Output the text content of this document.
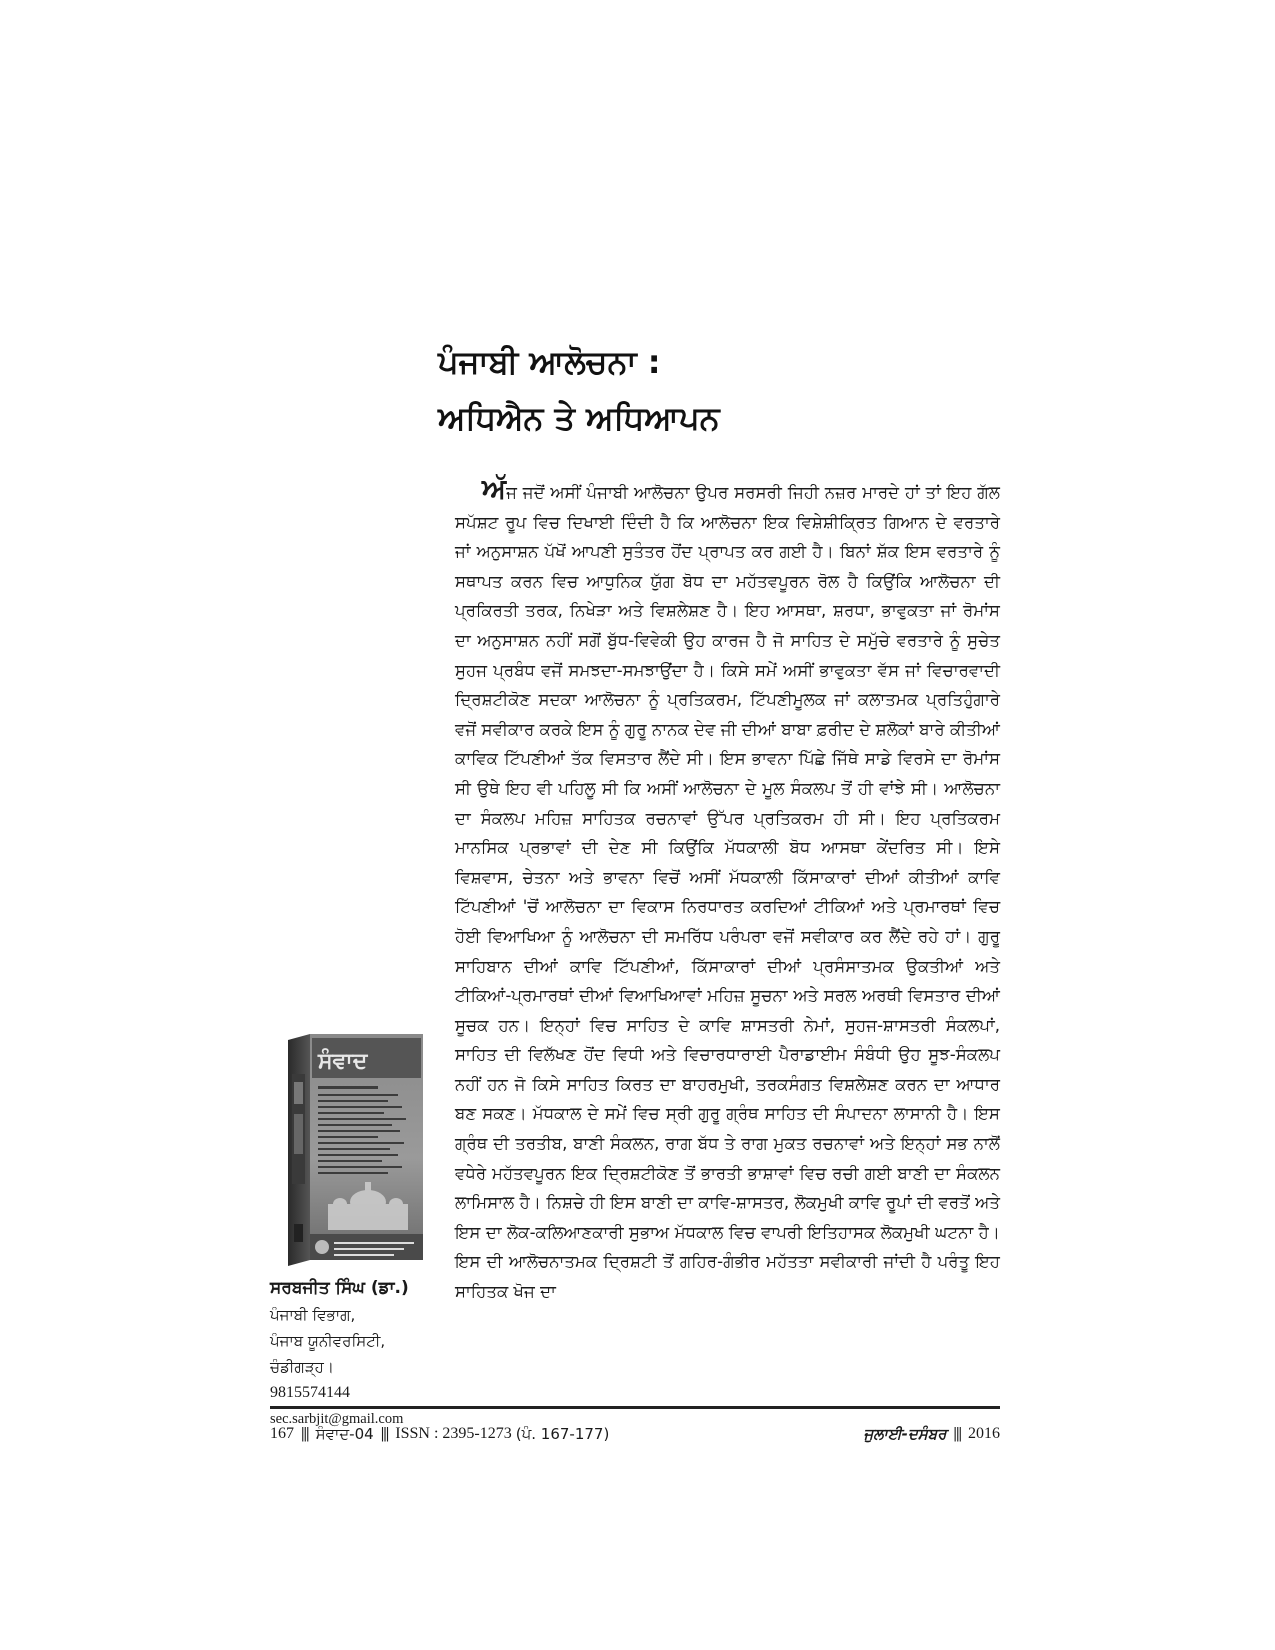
ਪੰਜਾਬੀ ਆਲੋਚਨਾ :
ਅਧਿਐਨ ਤੇ ਅਧਿਆਪਨ

ਅੱਜ ਜਦੋਂ ਅਸੀਂ ਪੰਜਾਬੀ ਆਲੋਚਨਾ ਉਪਰ ਸਰਸਰੀ ਜਿਹੀ ਨਜ਼ਰ ਮਾਰਦੇ ਹਾਂ ਤਾਂ ਇਹ ਗੱਲ ਸਪੱਸ਼ਟ ਰੂਪ ਵਿਚ ਦਿਖਾਈ ਦਿੰਦੀ ਹੈ ਕਿ ਆਲੋਚਨਾ ਇਕ ਵਿਸ਼ੇਸ਼ੀਕ੍ਰਿਤ ਗਿਆਨ ਦੇ ਵਰਤਾਰੇ ਜਾਂ ਅਨੁਸਾਸ਼ਨ ਪੱਖੋਂ ਆਪਣੀ ਸੁਤੰਤਰ ਹੋਂਦ ਪ੍ਰਾਪਤ ਕਰ ਗਈ ਹੈ। ਬਿਨਾਂ ਸ਼ੱਕ ਇਸ ਵਰਤਾਰੇ ਨੂੰ ਸਥਾਪਤ ਕਰਨ ਵਿਚ ਆਧੁਨਿਕ ਯੁੱਗ ਬੋਧ ਦਾ ਮਹੱਤਵਪੂਰਨ ਰੋਲ ਹੈ ਕਿਉਂਕਿ ਆਲੋਚਨਾ ਦੀ ਪ੍ਰਕਿਰਤੀ ਤਰਕ, ਨਿਖੇੜਾ ਅਤੇ ਵਿਸ਼ਲੇਸ਼ਣ ਹੈ। ਇਹ ਆਸਥਾ, ਸ਼ਰਧਾ, ਭਾਵੁਕਤਾ ਜਾਂ ਰੋਮਾਂਸ ਦਾ ਅਨੁਸਾਸ਼ਨ ਨਹੀਂ ਸਗੋਂ ਬੁੱਧ-ਵਿਵੇਕੀ ਉਹ ਕਾਰਜ ਹੈ ਜੋ ਸਾਹਿਤ ਦੇ ਸਮੁੱਚੇ ਵਰਤਾਰੇ ਨੂੰ ਸੁਚੇਤ ਸੁਹਜ ਪ੍ਰਬੰਧ ਵਜੋਂ ਸਮਝਦਾ-ਸਮਝਾਉਂਦਾ ਹੈ। ਕਿਸੇ ਸਮੇਂ ਅਸੀਂ ਭਾਵੁਕਤਾ ਵੱਸ ਜਾਂ ਵਿਚਾਰਵਾਦੀ ਦ੍ਰਿਸ਼ਟੀਕੋਣ ਸਦਕਾ ਆਲੋਚਨਾ ਨੂੰ ਪ੍ਰਤਿਕਰਮ, ਟਿੱਪਣੀਮੂਲਕ ਜਾਂ ਕਲਾਤਮਕ ਪ੍ਰਤਿਹੁੰਗਾਰੇ ਵਜੋਂ ਸਵੀਕਾਰ ਕਰਕੇ ਇਸ ਨੂੰ ਗੁਰੂ ਨਾਨਕ ਦੇਵ ਜੀ ਦੀਆਂ ਬਾਬਾ ਫ਼ਰੀਦ ਦੇ ਸ਼ਲੋਕਾਂ ਬਾਰੇ ਕੀਤੀਆਂ ਕਾਵਿਕ ਟਿੱਪਣੀਆਂ ਤੱਕ ਵਿਸਤਾਰ ਲੈਂਦੇ ਸੀ। ਇਸ ਭਾਵਨਾ ਪਿੱਛੇ ਜਿੱਥੇ ਸਾਡੇ ਵਿਰਸੇ ਦਾ ਰੋਮਾਂਸ ਸੀ ਉਥੇ ਇਹ ਵੀ ਪਹਿਲੂ ਸੀ ਕਿ ਅਸੀਂ ਆਲੋਚਨਾ ਦੇ ਮੂਲ ਸੰਕਲਪ ਤੋਂ ਹੀ ਵਾਂਝੇ ਸੀ। ਆਲੋਚਨਾ ਦਾ ਸੰਕਲਪ ਮਹਿਜ਼ ਸਾਹਿਤਕ ਰਚਨਾਵਾਂ ਉੱਪਰ ਪ੍ਰਤਿਕਰਮ ਹੀ ਸੀ। ਇਹ ਪ੍ਰਤਿਕਰਮ ਮਾਨਸਿਕ ਪ੍ਰਭਾਵਾਂ ਦੀ ਦੇਣ ਸੀ ਕਿਉਂਕਿ ਮੱਧਕਾਲੀ ਬੋਧ ਆਸਥਾ ਕੇਂਦਰਿਤ ਸੀ। ਇਸੇ ਵਿਸ਼ਵਾਸ, ਚੇਤਨਾ ਅਤੇ ਭਾਵਨਾ ਵਿਚੋਂ ਅਸੀਂ ਮੱਧਕਾਲੀ ਕਿੱਸਾਕਾਰਾਂ ਦੀਆਂ ਕੀਤੀਆਂ ਕਾਵਿ ਟਿੱਪਣੀਆਂ 'ਚੋਂ ਆਲੋਚਨਾ ਦਾ ਵਿਕਾਸ ਨਿਰਧਾਰਤ ਕਰਦਿਆਂ ਟੀਕਿਆਂ ਅਤੇ ਪ੍ਰਮਾਰਥਾਂ ਵਿਚ ਹੋਈ ਵਿਆਖਿਆ ਨੂੰ ਆਲੋਚਨਾ ਦੀ ਸਮਰਿੱਧ ਪਰੰਪਰਾ ਵਜੋਂ ਸਵੀਕਾਰ ਕਰ ਲੈਂਦੇ ਰਹੇ ਹਾਂ। ਗੁਰੂ ਸਾਹਿਬਾਨ ਦੀਆਂ ਕਾਵਿ ਟਿੱਪਣੀਆਂ, ਕਿੱਸਾਕਾਰਾਂ ਦੀਆਂ ਪ੍ਰਸੰਸਾਤਮਕ ਉਕਤੀਆਂ ਅਤੇ ਟੀਕਿਆਂ-ਪ੍ਰਮਾਰਥਾਂ ਦੀਆਂ ਵਿਆਖਿਆਵਾਂ ਮਹਿਜ਼ ਸੂਚਨਾ ਅਤੇ ਸਰਲ ਅਰਥੀ ਵਿਸਤਾਰ ਦੀਆਂ ਸੂਚਕ ਹਨ। ਇਨ੍ਹਾਂ ਵਿਚ ਸਾਹਿਤ ਦੇ ਕਾਵਿ ਸ਼ਾਸਤਰੀ ਨੇਮਾਂ, ਸੁਹਜ-ਸ਼ਾਸਤਰੀ ਸੰਕਲਪਾਂ, ਸਾਹਿਤ ਦੀ ਵਿਲੱਖਣ ਹੋਂਦ ਵਿਧੀ ਅਤੇ ਵਿਚਾਰਧਾਰਾਈ ਪੈਰਾਡਾਈਮ ਸੰਬੰਧੀ ਉਹ ਸੂਝ-ਸੰਕਲਪ ਨਹੀਂ ਹਨ ਜੋ ਕਿਸੇ ਸਾਹਿਤ ਕਿਰਤ ਦਾ ਬਾਹਰਮੁਖੀ, ਤਰਕਸੰਗਤ ਵਿਸ਼ਲੇਸ਼ਣ ਕਰਨ ਦਾ ਆਧਾਰ ਬਣ ਸਕਣ। ਮੱਧਕਾਲ ਦੇ ਸਮੇਂ ਵਿਚ ਸ੍ਰੀ ਗੁਰੂ ਗ੍ਰੰਥ ਸਾਹਿਤ ਦੀ ਸੰਪਾਦਨਾ ਲਾਸਾਨੀ ਹੈ। ਇਸ ਗ੍ਰੰਥ ਦੀ ਤਰਤੀਬ, ਬਾਣੀ ਸੰਕਲਨ, ਰਾਗ ਬੱਧ ਤੇ ਰਾਗ ਮੁਕਤ ਰਚਨਾਵਾਂ ਅਤੇ ਇਨ੍ਹਾਂ ਸਭ ਨਾਲੋਂ ਵਧੇਰੇ ਮਹੱਤਵਪੂਰਨ ਇਕ ਦ੍ਰਿਸ਼ਟੀਕੋਣ ਤੋਂ ਭਾਰਤੀ ਭਾਸ਼ਾਵਾਂ ਵਿਚ ਰਚੀ ਗਈ ਬਾਣੀ ਦਾ ਸੰਕਲਨ ਲਾਮਿਸਾਲ ਹੈ। ਨਿਸ਼ਚੇ ਹੀ ਇਸ ਬਾਣੀ ਦਾ ਕਾਵਿ-ਸ਼ਾਸਤਰ, ਲੋਕਮੁਖੀ ਕਾਵਿ ਰੂਪਾਂ ਦੀ ਵਰਤੋਂ ਅਤੇ ਇਸ ਦਾ ਲੋਕ-ਕਲਿਆਣਕਾਰੀ ਸੁਭਾਅ ਮੱਧਕਾਲ ਵਿਚ ਵਾਪਰੀ ਇਤਿਹਾਸਕ ਲੋਕਮੁਖੀ ਘਟਨਾ ਹੈ। ਇਸ ਦੀ ਆਲੋਚਨਾਤਮਕ ਦ੍ਰਿਸ਼ਟੀ ਤੋਂ ਗਹਿਰ-ਗੰਭੀਰ ਮਹੱਤਤਾ ਸਵੀਕਾਰੀ ਜਾਂਦੀ ਹੈ ਪਰੰਤੂ ਇਹ ਸਾਹਿਤਕ ਖੋਜ ਦਾ

ਸੰਵਾਦ
ਸਰਬਜੀਤ ਸਿੰਘ (ਡਾ.)
ਪੰਜਾਬੀ ਵਿਭਾਗ,
ਪੰਜਾਬ ਯੂਨੀਵਰਸਿਟੀ,
ਚੰਡੀਗੜ੍ਹ।
9815574144
sec.sarbjit@gmail.com
167 ||| ਸੰਵਾਦ-04 ||| ISSN : 2395-1273 (ਪੰ. 167-177)	ਜੁਲਾਈ-ਦਸੰਬਰ ||| 2016
